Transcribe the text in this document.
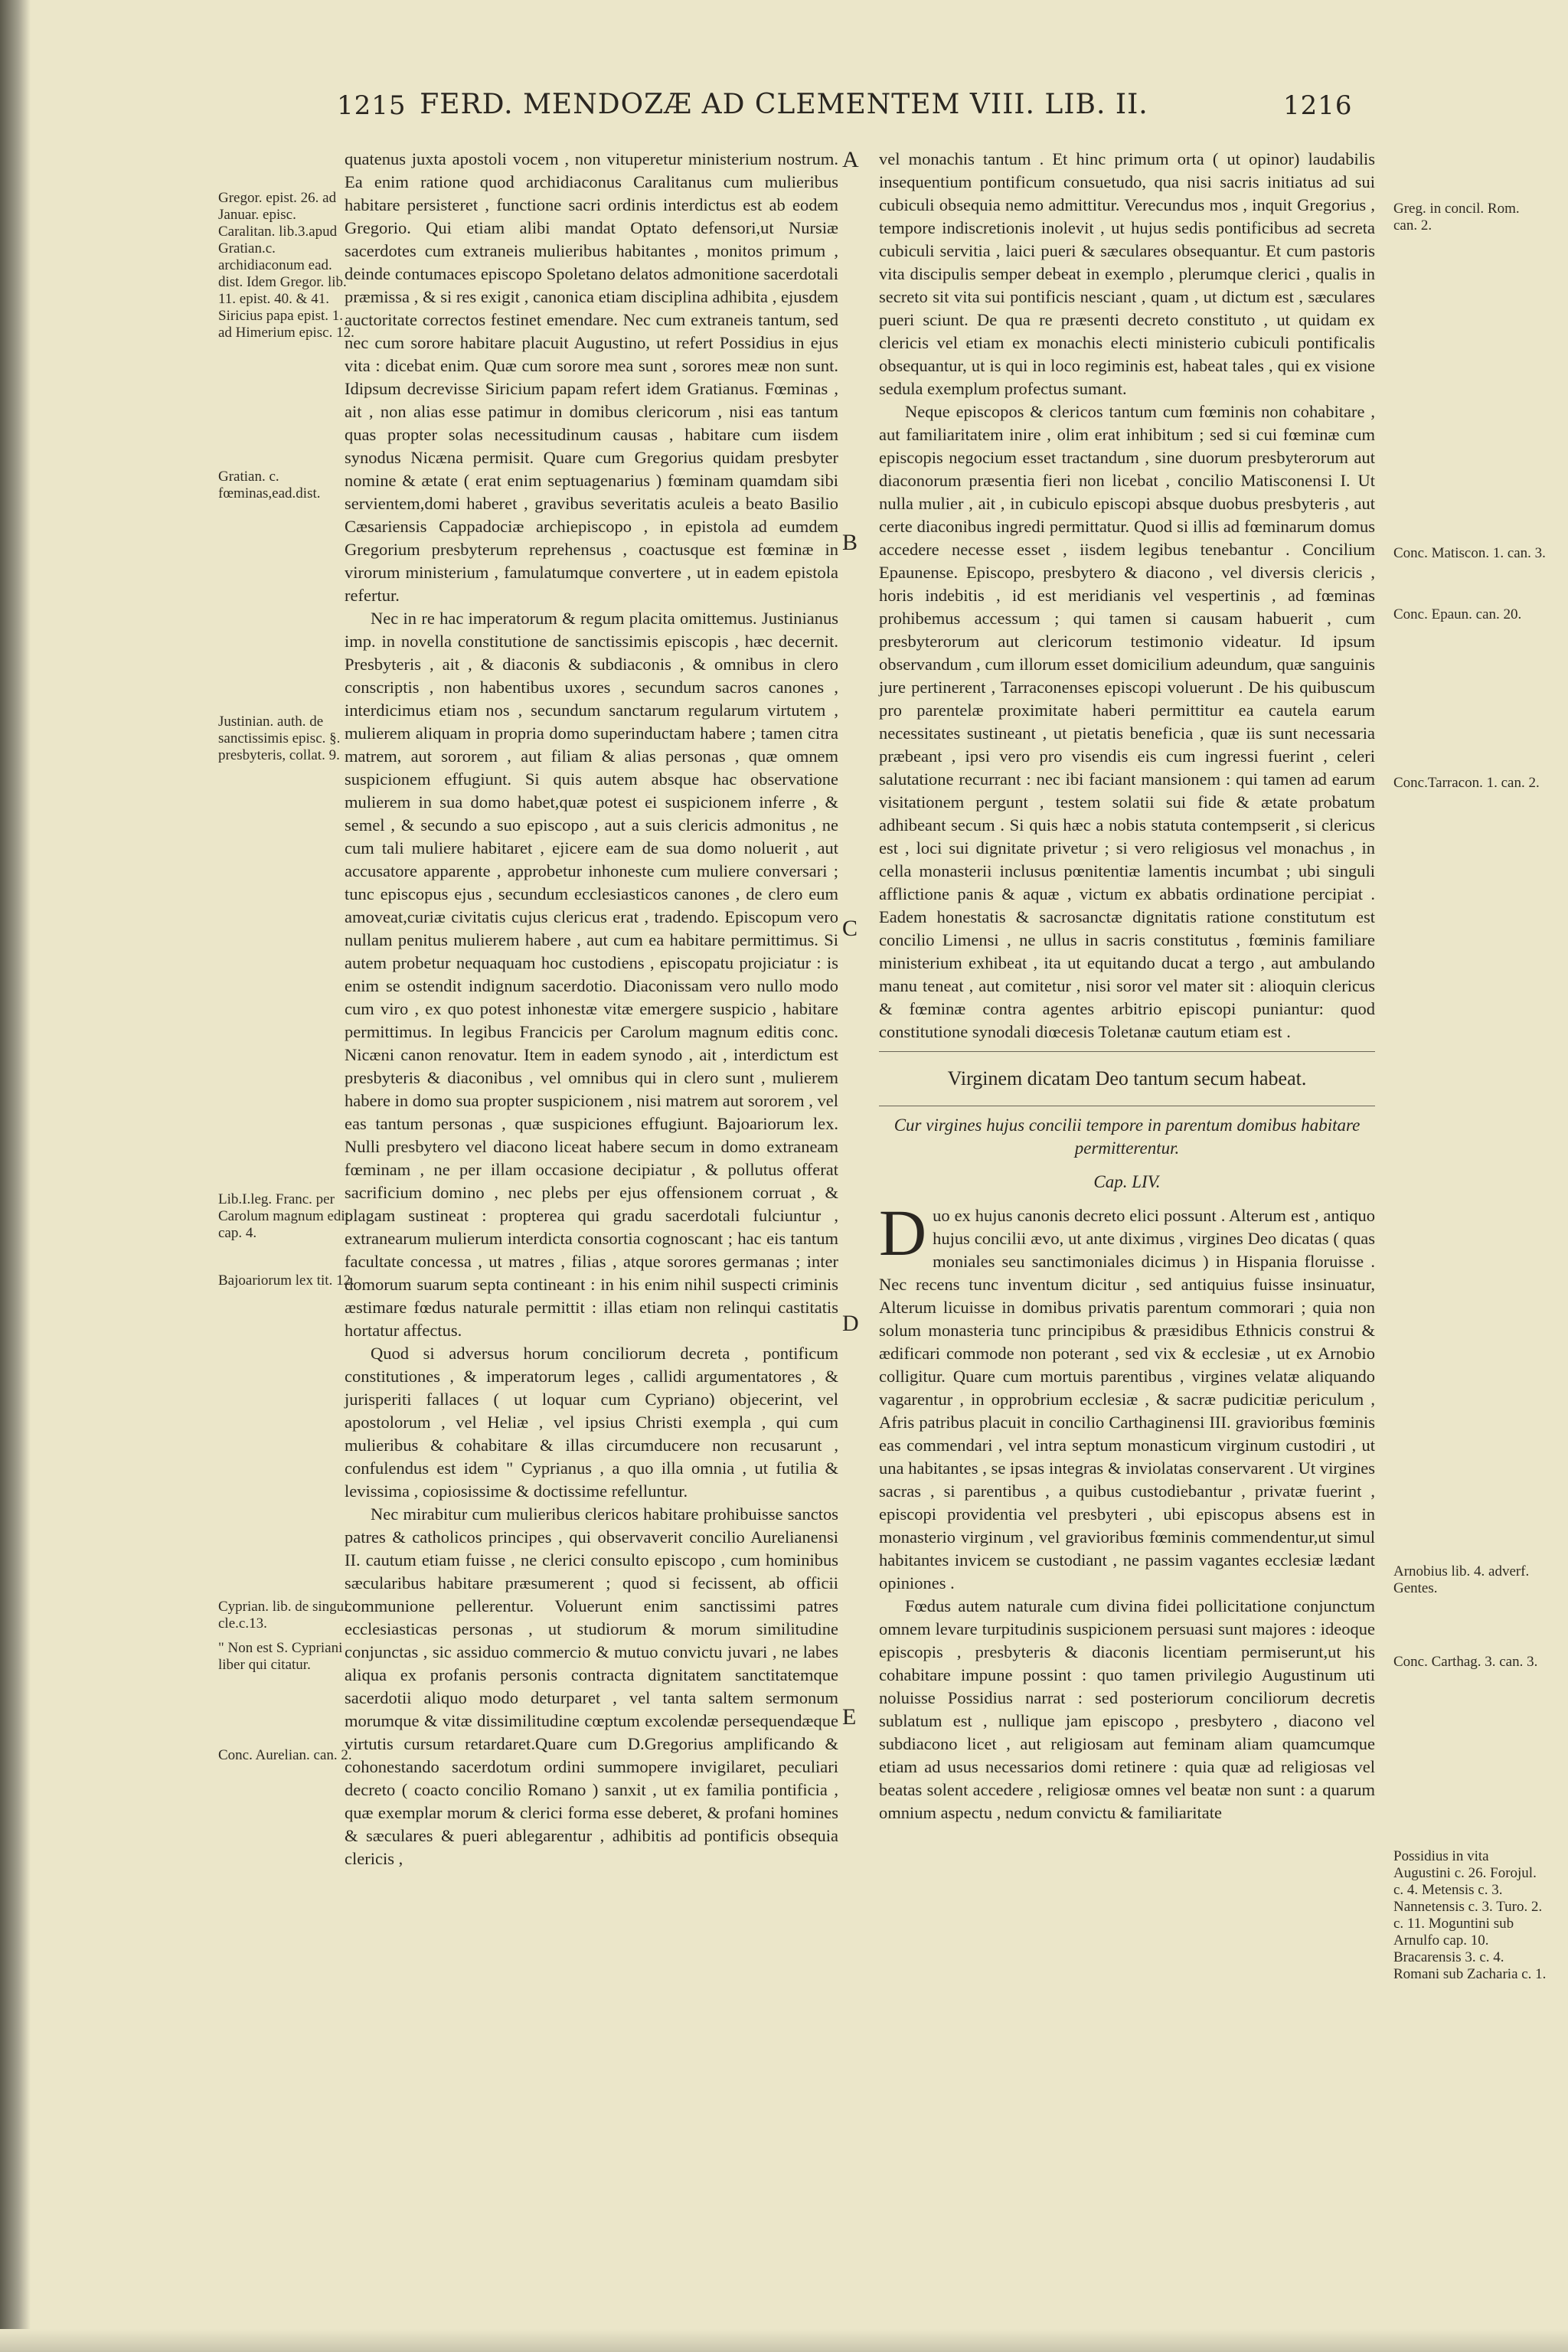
1215 FERD. MENDOZÆ AD CLEMENTEM VIII. LIB. II.	1216
A
B
C
D
E
Gregor. epist. 26. ad Januar. episc. Caralitan. lib.3.apud Gratian.c. archidiaconum ead. dist. Idem Gregor. lib. 11. epist. 40. & 41. Siricius papa epist. 1. ad Himerium episc. 12.
Gratian. c. fœminas,ead.dist.
Justinian. auth. de sanctissimis episc. §. presbyteris, collat. 9.
Lib.I.leg. Franc. per Carolum magnum edit. cap. 4.
Bajoariorum lex tit. 12.
Cyprian. lib. de singul. cle.c.13.
" Non est S. Cypriani liber qui citatur.
Conc. Aurelian. can. 2.
Greg. in concil. Rom. can. 2.
Conc. Matiscon. 1. can. 3.
Conc. Epaun. can. 20.
Conc.Tarracon. 1. can. 2.
Arnobius lib. 4. adverf. Gentes.
Conc. Carthag. 3. can. 3.
Possidius in vita Augustini c. 26. Forojul. c. 4. Metensis c. 3. Nannetensis c. 3. Turo. 2. c. 11. Moguntini sub Arnulfo cap. 10. Bracarensis 3. c. 4. Romani sub Zacharia c. 1.

quatenus juxta apostoli vocem , non vituperetur ministerium nostrum. Ea enim ratione quod archidiaconus Caralitanus cum mulieribus habitare persisteret , functione sacri ordinis interdictus est ab eodem Gregorio. Qui etiam alibi mandat Optato defensori,ut Nursiæ sacerdotes cum extraneis mulieribus habitantes , monitos primum , deinde contumaces episcopo Spoletano delatos admonitione sacerdotali præmissa , & si res exigit , canonica etiam disciplina adhibita , ejusdem auctoritate correctos festinet emendare. Nec cum extraneis tantum, sed nec cum sorore habitare placuit Augustino, ut refert Possidius in ejus vita : dicebat enim. Quæ cum sorore mea sunt , sorores meæ non sunt. Idipsum decrevisse Siricium papam refert idem Gratianus. Fœminas , ait , non alias esse patimur in domibus clericorum , nisi eas tantum quas propter solas necessitudinum causas , habitare cum iisdem synodus Nicæna permisit. Quare cum Gregorius quidam presbyter nomine & ætate ( erat enim septuagenarius ) fœminam quamdam sibi servientem,domi haberet , gravibus severitatis aculeis a beato Basilio Cæsariensis Cappadociæ archiepiscopo , in epistola ad eumdem Gregorium presbyterum reprehensus , coactusque est fœminæ in virorum ministerium , famulatumque convertere , ut in eadem epistola refertur.

Nec in re hac imperatorum & regum placita omittemus. Justinianus imp. in novella constitutione de sanctissimis episcopis , hæc decernit. Presbyteris , ait , & diaconis & subdiaconis , & omnibus in clero conscriptis , non habentibus uxores , secundum sacros canones , interdicimus etiam nos , secundum sanctarum regularum virtutem , mulierem aliquam in propria domo superinductam habere ; tamen citra matrem, aut sororem , aut filiam & alias personas , quæ omnem suspicionem effugiunt. Si quis autem absque hac observatione mulierem in sua domo habet,quæ potest ei suspicionem inferre , & semel , & secundo a suo episcopo , aut a suis clericis admonitus , ne cum tali muliere habitaret , ejicere eam de sua domo noluerit , aut accusatore apparente , approbetur inhoneste cum muliere conversari ; tunc episcopus ejus , secundum ecclesiasticos canones , de clero eum amoveat,curiæ civitatis cujus clericus erat , tradendo. Episcopum vero nullam penitus mulierem habere , aut cum ea habitare permittimus. Si autem probetur nequaquam hoc custodiens , episcopatu projiciatur : is enim se ostendit indignum sacerdotio. Diaconissam vero nullo modo cum viro , ex quo potest inhonestæ vitæ emergere suspicio , habitare permittimus. In legibus Francicis per Carolum magnum editis conc. Nicæni canon renovatur. Item in eadem synodo , ait , interdictum est presbyteris & diaconibus , vel omnibus qui in clero sunt , mulierem habere in domo sua propter suspicionem , nisi matrem aut sororem , vel eas tantum personas , quæ suspiciones effugiunt. Bajoariorum lex. Nulli presbytero vel diacono liceat habere secum in domo extraneam fœminam , ne per illam occasione decipiatur , & pollutus offerat sacrificium domino , nec plebs per ejus offensionem corruat , & plagam sustineat : propterea qui gradu sacerdotali fulciuntur , extranearum mulierum interdicta consortia cognoscant ; hac eis tantum facultate concessa , ut matres , filias , atque sorores germanas ; inter domorum suarum septa contineant : in his enim nihil suspecti criminis æstimare fœdus naturale permittit : illas etiam non relinqui castitatis hortatur affectus.

Quod si adversus horum conciliorum decreta , pontificum constitutiones , & imperatorum leges , callidi argumentatores , & jurisperiti fallaces ( ut loquar cum Cypriano) objecerint, vel apostolorum , vel Heliæ , vel ipsius Christi exempla , qui cum mulieribus & cohabitare & illas circumducere non recusarunt , confulendus est idem " Cyprianus , a quo illa omnia , ut futilia & levissima , copiosissime & doctissime refelluntur.

Nec mirabitur cum mulieribus clericos habitare prohibuisse sanctos patres & catholicos principes , qui observaverit concilio Aurelianensi II. cautum etiam fuisse , ne clerici consulto episcopo , cum hominibus sæcularibus habitare præsumerent ; quod si fecissent, ab officii communione pellerentur. Voluerunt enim sanctissimi patres ecclesiasticas personas , ut studiorum & morum similitudine conjunctas , sic assiduo commercio & mutuo convictu juvari , ne labes aliqua ex profanis personis contracta dignitatem sanctitatemque sacerdotii aliquo modo deturparet , vel tanta saltem sermonum morumque & vitæ dissimilitudine cœptum excolendæ persequendæque virtutis cursum retardaret.Quare cum D.Gregorius amplificando & cohonestando sacerdotum ordini summopere invigilaret, peculiari decreto ( coacto concilio Romano ) sanxit , ut ex familia pontificia , quæ exemplar morum & clerici forma esse deberet, & profani homines & sæculares & pueri ablegarentur , adhibitis ad pontificis obsequia clericis ,

vel monachis tantum . Et hinc primum orta ( ut opinor) laudabilis insequentium pontificum consuetudo, qua nisi sacris initiatus ad sui cubiculi obsequia nemo admittitur. Verecundus mos , inquit Gregorius , tempore indiscretionis inolevit , ut hujus sedis pontificibus ad secreta cubiculi servitia , laici pueri & sæculares obsequantur. Et cum pastoris vita discipulis semper debeat in exemplo , plerumque clerici , qualis in secreto sit vita sui pontificis nesciant , quam , ut dictum est , sæculares pueri sciunt. De qua re præsenti decreto constituto , ut quidam ex clericis vel etiam ex monachis electi ministerio cubiculi pontificalis obsequantur, ut is qui in loco regiminis est, habeat tales , qui ex visione sedula exemplum profectus sumant.

Neque episcopos & clericos tantum cum fœminis non cohabitare , aut familiaritatem inire , olim erat inhibitum ; sed si cui fœminæ cum episcopis negocium esset tractandum , sine duorum presbyterorum aut diaconorum præsentia fieri non licebat , concilio Matisconensi I. Ut nulla mulier , ait , in cubiculo episcopi absque duobus presbyteris , aut certe diaconibus ingredi permittatur. Quod si illis ad fœminarum domus accedere necesse esset , iisdem legibus tenebantur . Concilium Epaunense. Episcopo, presbytero & diacono , vel diversis clericis , horis indebitis , id est meridianis vel vespertinis , ad fœminas prohibemus accessum ; qui tamen si causam habuerit , cum presbyterorum aut clericorum testimonio videatur. Id ipsum observandum , cum illorum esset domicilium adeundum, quæ sanguinis jure pertinerent , Tarraconenses episcopi voluerunt . De his quibuscum pro parentelæ proximitate haberi permittitur ea cautela earum necessitates sustineant , ut pietatis beneficia , quæ iis sunt necessaria præbeant , ipsi vero pro visendis eis cum ingressi fuerint , celeri salutatione recurrant : nec ibi faciant mansionem : qui tamen ad earum visitationem pergunt , testem solatii sui fide & ætate probatum adhibeant secum . Si quis hæc a nobis statuta contempserit , si clericus est , loci sui dignitate privetur ; si vero religiosus vel monachus , in cella monasterii inclusus pœnitentiæ lamentis incumbat ; ubi singuli afflictione panis & aquæ , victum ex abbatis ordinatione percipiat . Eadem honestatis & sacrosanctæ dignitatis ratione constitutum est concilio Limensi , ne ullus in sacris constitutus , fœminis familiare ministerium exhibeat , ita ut equitando ducat a tergo , aut ambulando manu teneat , aut comitetur , nisi soror vel mater sit : alioquin clericus & fœminæ contra agentes arbitrio episcopi puniantur: quod constitutione synodali diœcesis Toletanæ cautum etiam est .

Virginem dicatam Deo tantum secum habeat.
Cur virgines hujus concilii tempore in parentum domibus habitare permitterentur.
Cap. LIV.

Duo ex hujus canonis decreto elici possunt . Alterum est , antiquo hujus concilii ævo, ut ante diximus , virgines Deo dicatas ( quas moniales seu sanctimoniales dicimus ) in Hispania floruisse . Nec recens tunc inventum dicitur , sed antiquius fuisse insinuatur, Alterum licuisse in domibus privatis parentum commorari ; quia non solum monasteria tunc principibus & præsidibus Ethnicis construi & ædificari commode non poterant , sed vix & ecclesiæ , ut ex Arnobio colligitur. Quare cum mortuis parentibus , virgines velatæ aliquando vagarentur , in opprobrium ecclesiæ , & sacræ pudicitiæ periculum , Afris patribus placuit in concilio Carthaginensi III. gravioribus fœminis eas commendari , vel intra septum monasticum virginum custodiri , ut una habitantes , se ipsas integras & inviolatas conservarent . Ut virgines sacras , si parentibus , a quibus custodiebantur , privatæ fuerint , episcopi providentia vel presbyteri , ubi episcopus absens est in monasterio virginum , vel gravioribus fœminis commendentur,ut simul habitantes invicem se custodiant , ne passim vagantes ecclesiæ lædant opiniones .

Fœdus autem naturale cum divina fidei pollicitatione conjunctum omnem levare turpitudinis suspicionem persuasi sunt majores : ideoque episcopis , presbyteris & diaconis licentiam permiserunt,ut his cohabitare impune possint : quo tamen privilegio Augustinum uti noluisse Possidius narrat : sed posteriorum conciliorum decretis sublatum est , nullique jam episcopo , presbytero , diacono vel subdiacono licet , aut religiosam aut feminam aliam quamcumque etiam ad usus necessarios domi retinere : quia quæ ad religiosas vel beatas solent accedere , religiosæ omnes vel beatæ non sunt : a quarum omnium aspectu , nedum convictu & familiaritate
